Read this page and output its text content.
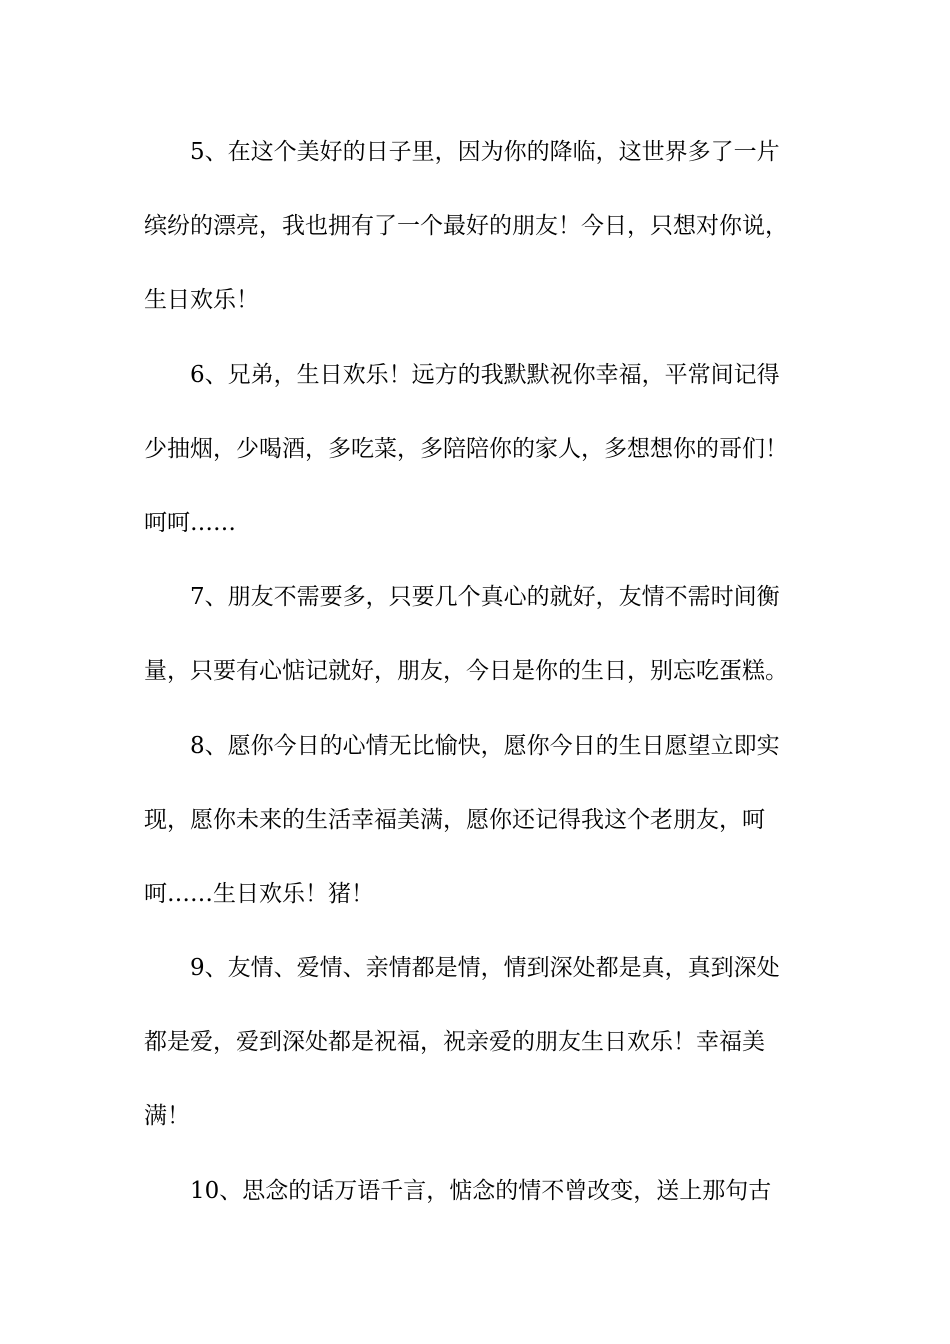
5、在这个美好的日子里，因为你的降临，这世界多了一片
缤纷的漂亮，我也拥有了一个最好的朋友！今日，只想对你说，
生日欢乐！

6、兄弟，生日欢乐！远方的我默默祝你幸福，平常间记得
少抽烟，少喝酒，多吃菜，多陪陪你的家人，多想想你的哥们！
呵呵……

7、朋友不需要多，只要几个真心的就好，友情不需时间衡
量，只要有心惦记就好，朋友，今日是你的生日，别忘吃蛋糕。

8、愿你今日的心情无比愉快，愿你今日的生日愿望立即实
现，愿你未来的生活幸福美满，愿你还记得我这个老朋友，呵
呵……生日欢乐！猪！

9、友情、爱情、亲情都是情，情到深处都是真，真到深处
都是爱，爱到深处都是祝福，祝亲爱的朋友生日欢乐！幸福美
满！

10、思念的话万语千言，惦念的情不曾改变，送上那句古
